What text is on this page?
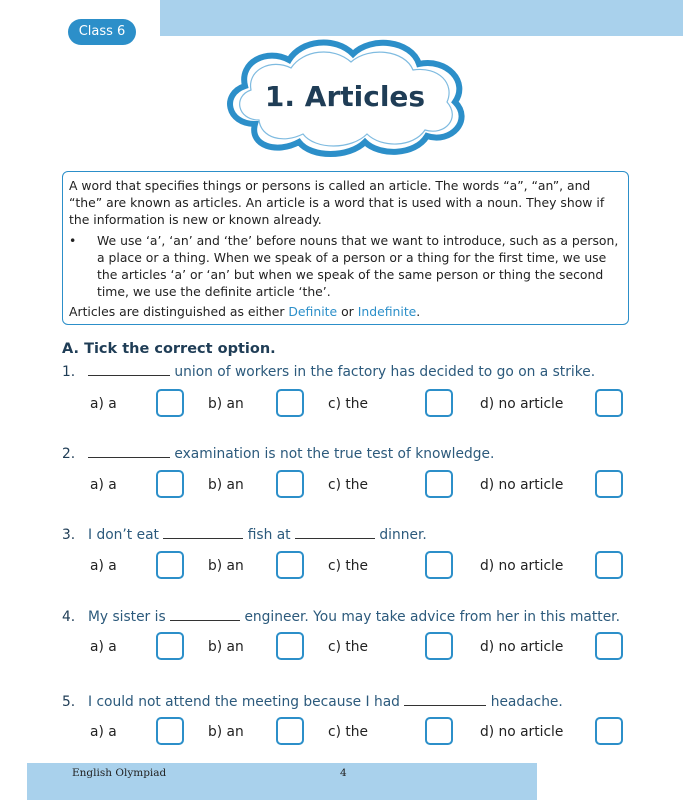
Class 6
1. Articles

A word that specifies things or persons is called an article. The words “a”, “an”, and “the” are known as articles. An article is a word that is used with a noun. They show if the information is new or known already.

•	We use ‘a’, ‘an’ and ‘the’ before nouns that we want to introduce, such as a person, a place or a thing. When we speak of a person or a thing for the first time, we use the articles ‘a’ or ‘an’ but when we speak of the same person or thing the second time, we use the definite article ‘the’.

Articles are distinguished as either Definite or Indefinite.

A. Tick the correct option.
1.	union of workers in the factory has decided to go on a strike.
2.	examination is not the true test of knowledge.
3. I don’t eat	fish at	dinner.
4. My sister is	engineer. You may take advice from her in this matter.
5. I could not attend the meeting because I had	headache.
a) a	b) an	c) the	d) no article
a) a	b) an	c) the	d) no article
a) a	b) an	c) the	d) no article
a) a	b) an	c) the	d) no article
a) a	b) an	c) the	d) no article
English Olympiad	4
